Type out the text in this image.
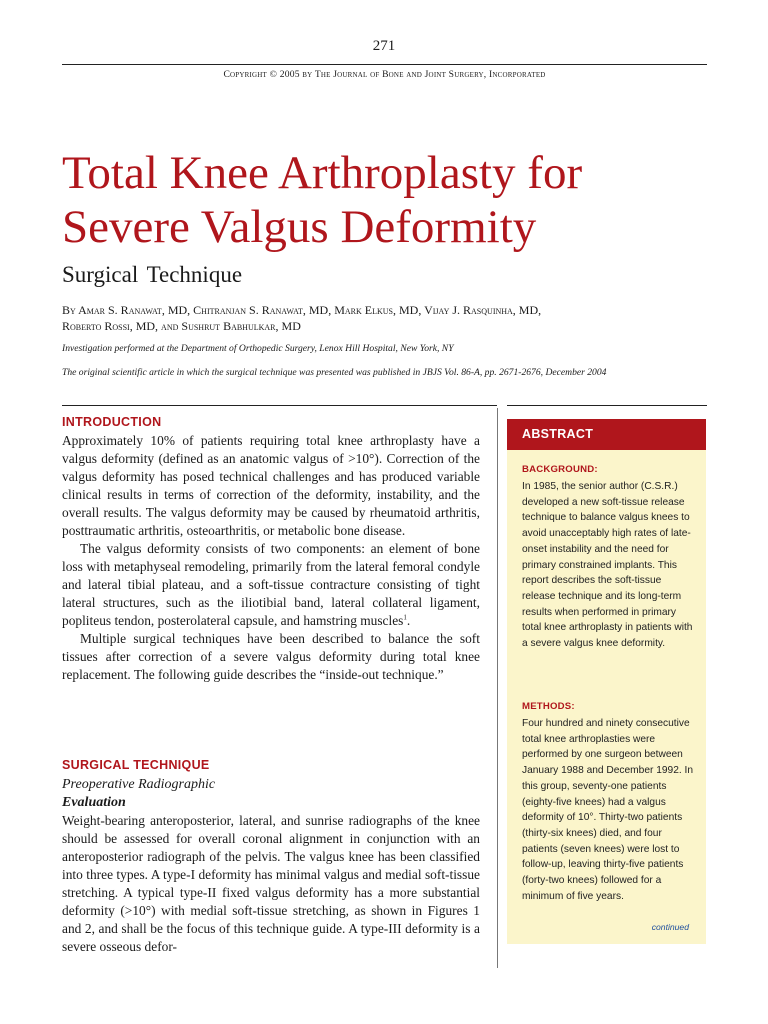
271
Copyright © 2005 by The Journal of Bone and Joint Surgery, Incorporated
Total Knee Arthroplasty for
Severe Valgus Deformity
Surgical Technique
By Amar S. Ranawat, MD, Chitranjan S. Ranawat, MD, Mark Elkus, MD, Vijay J. Rasquinha, MD,
Roberto Rossi, MD, and Sushrut Babhulkar, MD
Investigation performed at the Department of Orthopedic Surgery, Lenox Hill Hospital, New York, NY
The original scientific article in which the surgical technique was presented was published in JBJS Vol. 86-A, pp. 2671-2676, December 2004
INTRODUCTION

Approximately 10% of patients requiring total knee arthroplasty have a valgus deformity (defined as an anatomic valgus of >10°). Correction of the valgus deformity has posed technical challenges and has produced variable clinical results in terms of correction of the deformity, instability, and the overall results. The valgus deformity may be caused by rheumatoid arthritis, posttraumatic arthritis, osteoarthritis, or metabolic bone disease.

The valgus deformity consists of two components: an element of bone loss with metaphyseal remodeling, primarily from the lateral femoral condyle and lateral tibial plateau, and a soft-tissue contracture consisting of tight lateral structures, such as the iliotibial band, lateral collateral ligament, popliteus tendon, posterolateral capsule, and hamstring muscles$^1$.

Multiple surgical techniques have been described to balance the soft tissues after correction of a severe valgus deformity during total knee replacement. The following guide describes the “inside-out technique.”

SURGICAL TECHNIQUE
Preoperative Radiographic
Evaluation

Weight-bearing anteroposterior, lateral, and sunrise radiographs of the knee should be assessed for overall coronal alignment in conjunction with an anteroposterior radiograph of the pelvis. The valgus knee has been classified into three types. A type-I deformity has minimal valgus and medial soft-tissue stretching. A typical type-II fixed valgus deformity has a more substantial deformity (>10°) with medial soft-tissue stretching, as shown in Figures 1 and 2, and shall be the focus of this technique guide. A type-III deformity is a severe osseous defor-

ABSTRACT
BACKGROUND:
In 1985, the senior author (C.S.R.) developed a new soft-tissue release technique to balance valgus knees to avoid unacceptably high rates of late-onset instability and the need for primary constrained implants. This report describes the soft-tissue release technique and its long-term results when performed in primary total knee arthroplasty in patients with a severe valgus knee deformity.
METHODS:
Four hundred and ninety consecutive total knee arthroplasties were performed by one surgeon between January 1988 and December 1992. In this group, seventy-one patients (eighty-five knees) had a valgus deformity of 10°. Thirty-two patients (thirty-six knees) died, and four patients (seven knees) were lost to follow-up, leaving thirty-five patients (forty-two knees) followed for a minimum of five years.
continued
